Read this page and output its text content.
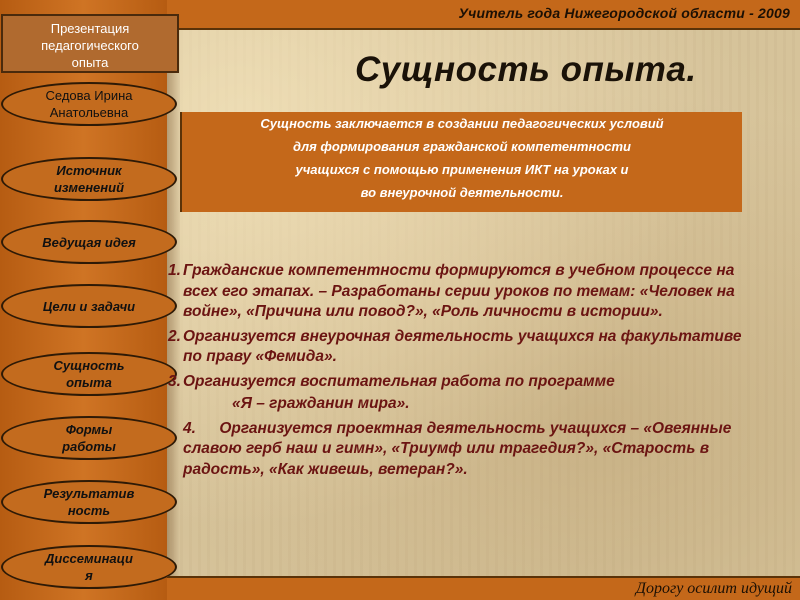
Учитель года Нижегородской области - 2009
Презентация
педагогического
опыта
Седова Ирина
Анатольевна
Источник
изменений
Ведущая идея
Цели и задачи
Сущность
опыта
Формы
работы
Результатив
ность
Диссеминаци
я
Сущность опыта.
Сущность заключается в создании педагогических условий
для формирования гражданской компетентности
учащихся с помощью применения ИКТ на уроках и
во внеурочной деятельности.
1. Гражданские компетентности формируются в учебном процессе на всех его этапах. – Разработаны серии уроков по темам: «Человек на войне», «Причина или повод?», «Роль личности в истории».
2. Организуется внеурочная деятельность учащихся на факультативе по праву «Фемида».
3. Организуется воспитательная работа по программе
«Я – гражданин мира».
4. Организуется проектная деятельность учащихся – «Овеянные славою герб наш и гимн», «Триумф или трагедия?», «Старость в радость», «Как живешь, ветеран?».
Дорогу осилит идущий
